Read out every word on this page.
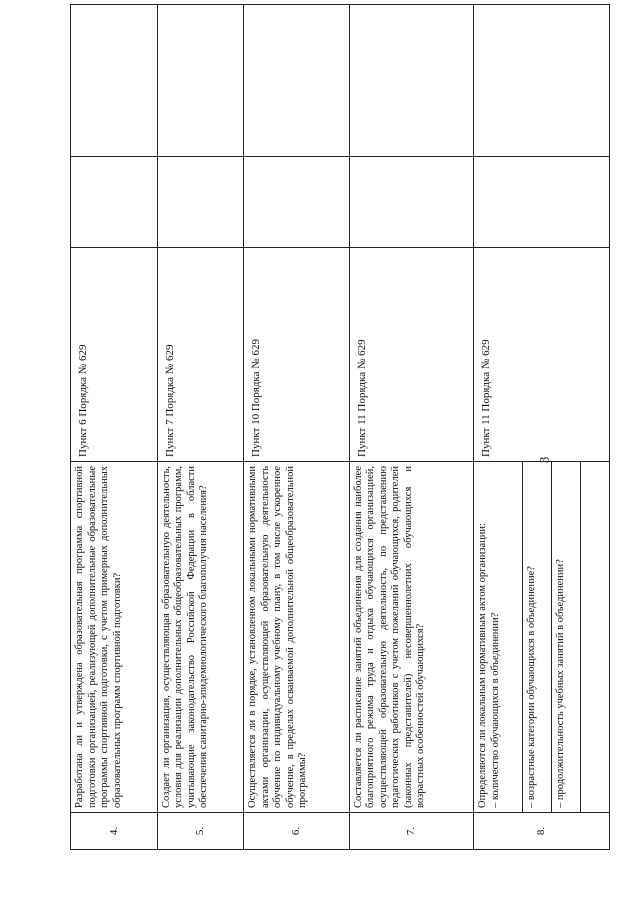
3
4.	Разработана ли и утверждена образовательная программа спортивной подготовки организацией, реализующей дополнительные образовательные программы спортивной подготовки, с учетом примерных дополнительных образовательных программ спортивной подготовки?	Пункт 6 Порядка № 629		
5.	Создает ли организация, осуществляющая образовательную деятельность, условия для реализации дополнительных общеобразовательных программ, учитывающие законодательство Российской Федерации в области обеспечения санитарно-эпидемиологического благополучия населения?	Пункт 7 Порядка № 629		
6.	Осуществляется ли в порядке, установленном локальными нормативными актами организации, осуществляющей образовательную деятельность обучение по индивидуальному учебному плану, в том числе ускоренное обучение, в пределах осваиваемой дополнительной общеобразовательной программы?	Пункт 10 Порядка № 629		
7.	Составляется ли расписание занятий объединения для создания наиболее благоприятного режима труда и отдыха обучающихся организацией, осуществляющей образовательную деятельность, по представлению педагогических работников с учетом пожеланий обучающихся, родителей (законных представителей) несовершеннолетних обучающихся и возрастных особенностей обучающихся?	Пункт 11 Порядка № 629		
8.	Определяются ли локальным нормативным актом организации: – количество обучающихся в объединении?	Пункт 11 Порядка № 629		
	– возрастные категории обучающихся в объединение?			
	– продолжительность учебных занятий в объединении?			
